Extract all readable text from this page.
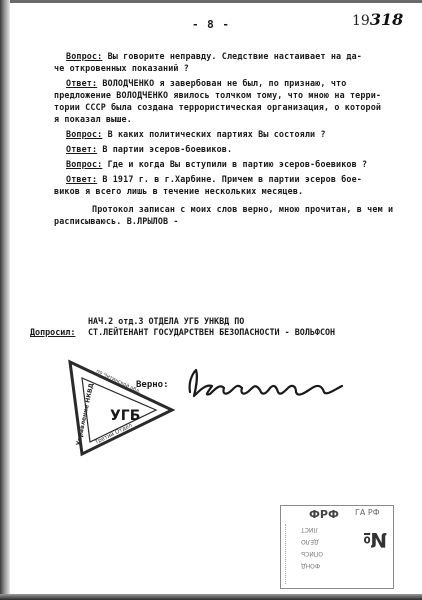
- 8 -	19318

Вопрос: Вы говорите неправду. Следствие настаивает на да-
че откровенных показаний ?

Ответ: ВОЛОДЧЕНКО я завербован не был, по признаю, что
предложение ВОЛОДЧЕНКО явилось толчком тому, что мною на терри-
тории СССР была создана террористическая организация, о которой
я показал выше.

Вопрос: В каких политических партиях Вы состояли ?

Ответ: В партии эсеров-боевиков.

Вопрос: Где и когда Вы вступили в партию эсеров-боевиков ?

Ответ: В 1917 г. в г.Харбине. Причем в партии эсеров бое-
виков я всего лишь в течение нескольких месяцев.

Протокол записан с моих слов верно, мною прочитан, в чем и
расписываюсь. В.ЛРЫЛОВ -

НАЧ.2 отд.3 ОТДЕЛА УГБ УНКВД ПО
Допросил: СТ.ЛЕЙТЕНАНТ ГОСУДАРСТВЕН БЕЗОПАСНОСТИ - ВОЛЬФСОН
УГБ
Управление НКВД
по Читинской обл.
Третий Отдел
Верно:
ФРФ ГА РФ
ФОНД
ОПИСЬ
ДЕЛО
ЛИСТ №
